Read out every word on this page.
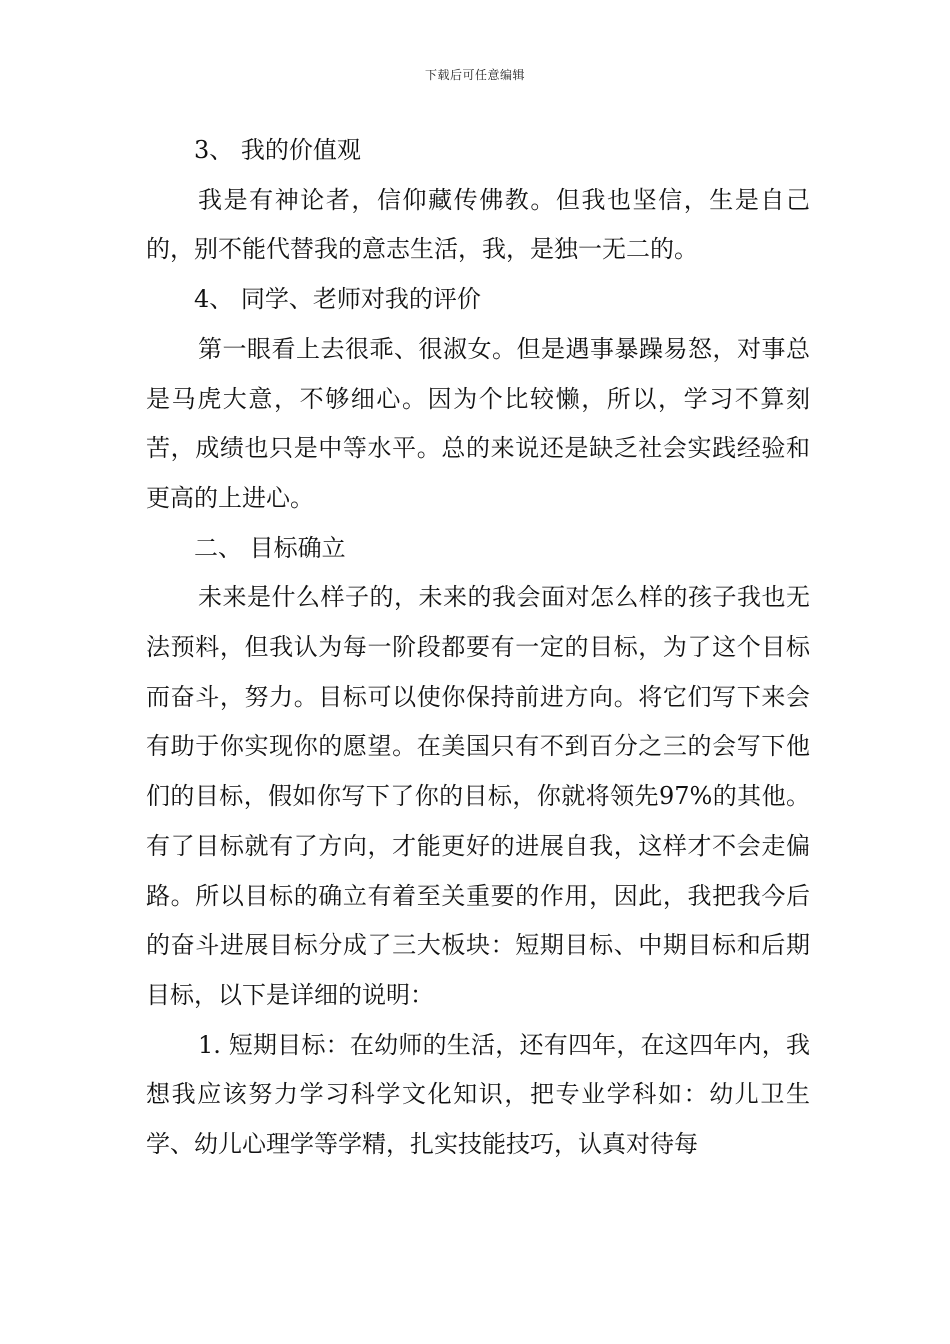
下载后可任意编辑

3、 我的价值观

我是有神论者，信仰藏传佛教。但我也坚信，生是自己的，别不能代替我的意志生活，我，是独一无二的。

4、 同学、老师对我的评价

第一眼看上去很乖、很淑女。但是遇事暴躁易怒，对事总是马虎大意，不够细心。因为个比较懒，所以，学习不算刻苦，成绩也只是中等水平。总的来说还是缺乏社会实践经验和更高的上进心。

二、 目标确立

未来是什么样子的，未来的我会面对怎么样的孩子我也无法预料，但我认为每一阶段都要有一定的目标，为了这个目标而奋斗，努力。目标可以使你保持前进方向。将它们写下来会有助于你实现你的愿望。在美国只有不到百分之三的会写下他们的目标，假如你写下了你的目标，你就将领先97%的其他。有了目标就有了方向，才能更好的进展自我，这样才不会走偏路。所以目标的确立有着至关重要的作用，因此，我把我今后的奋斗进展目标分成了三大板块：短期目标、中期目标和后期目标，以下是详细的说明：

1. 短期目标：在幼师的生活，还有四年，在这四年内，我想我应该努力学习科学文化知识，把专业学科如：幼儿卫生学、幼儿心理学等学精，扎实技能技巧，认真对待每
